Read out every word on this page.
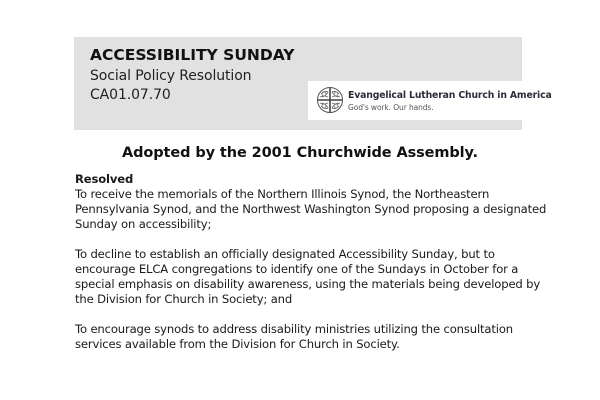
ACCESSIBILITY SUNDAY
Social Policy Resolution
CA01.07.70	Evangelical Lutheran Church in America
God's work. Our hands.
Adopted by the 2001 Churchwide Assembly.
Resolved
To receive the memorials of the Northern Illinois Synod, the Northeastern Pennsylvania Synod, and the Northwest Washington Synod proposing a designated Sunday on accessibility;
To decline to establish an officially designated Accessibility Sunday, but to encourage ELCA congregations to identify one of the Sundays in October for a special emphasis on disability awareness, using the materials being developed by the Division for Church in Society; and
To encourage synods to address disability ministries utilizing the consultation services available from the Division for Church in Society.
